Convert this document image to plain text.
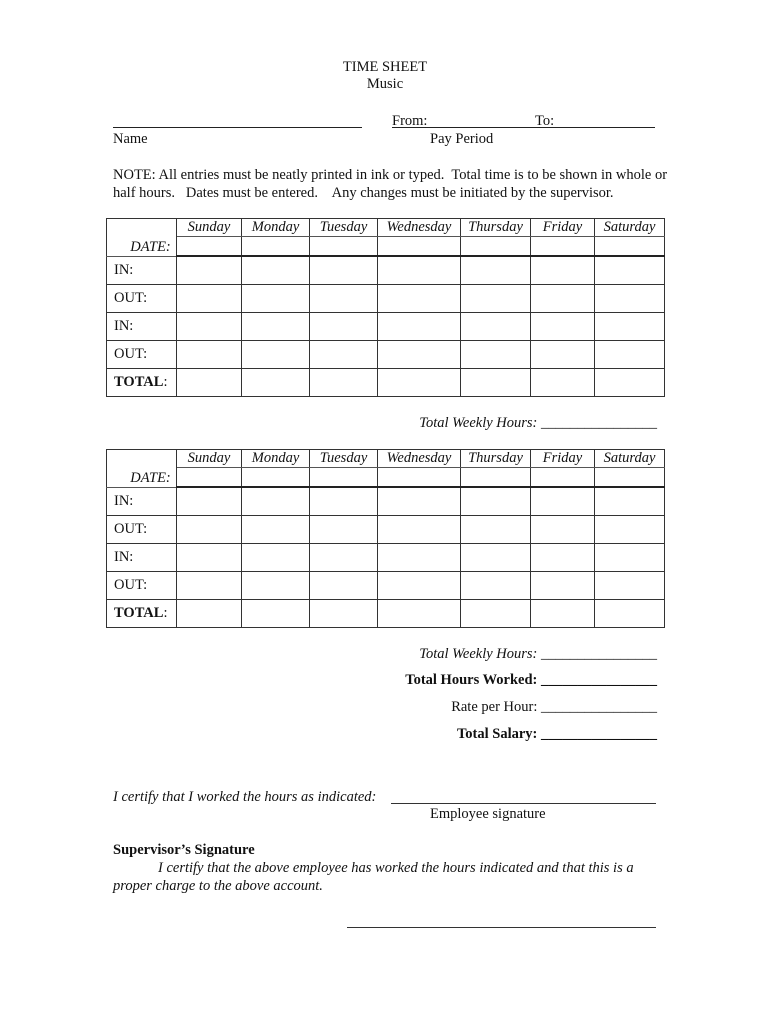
TIME SHEET
Music
Name
From:	To:
Pay Period
NOTE: All entries must be neatly printed in ink or typed.  Total time is to be shown in whole or
half hours.   Dates must be entered.    Any changes must be initiated by the supervisor.
DATE:	Sunday	Monday	Tuesday	Wednesday	Thursday	Friday	Saturday

IN:							
OUT:							
IN:							
OUT:							
TOTAL:							
Total Weekly Hours: ________________
DATE:	Sunday	Monday	Tuesday	Wednesday	Thursday	Friday	Saturday

IN:							
OUT:							
IN:							
OUT:							
TOTAL:							
Total Weekly Hours: ________________
Total Hours Worked: ________________
Rate per Hour: ________________
Total Salary: ________________
I certify that I worked the hours as indicated:
Employee signature
Supervisor’s Signature
I certify that the above employee has worked the hours indicated and that this is a
proper charge to the above account.
